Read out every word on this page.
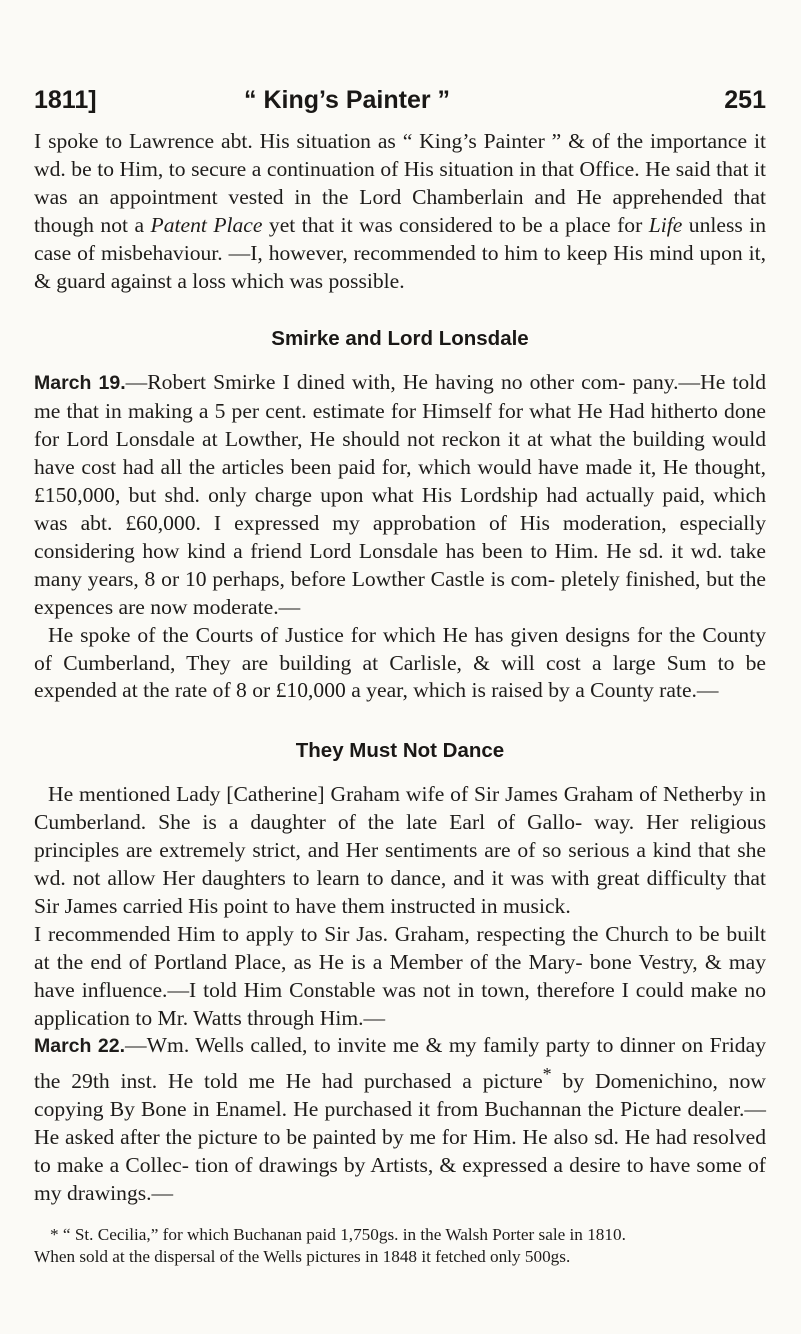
1811]	“ King’s Painter ”	251

I spoke to Lawrence abt. His situation as “ King’s Painter ” & of the importance it wd. be to Him, to secure a continuation of His situation in that Office. He said that it was an appointment vested in the Lord Chamberlain and He apprehended that though not a Patent Place yet that it was considered to be a place for Life unless in case of misbehaviour. —I, however, recommended to him to keep His mind upon it, & guard against a loss which was possible.

Smirke and Lord Lonsdale

March 19.—Robert Smirke I dined with, He having no other com- pany.—He told me that in making a 5 per cent. estimate for Himself for what He Had hitherto done for Lord Lonsdale at Lowther, He should not reckon it at what the building would have cost had all the articles been paid for, which would have made it, He thought, £150,000, but shd. only charge upon what His Lordship had actually paid, which was abt. £60,000. I expressed my approbation of His moderation, especially considering how kind a friend Lord Lonsdale has been to Him. He sd. it wd. take many years, 8 or 10 perhaps, before Lowther Castle is com- pletely finished, but the expences are now moderate.—

He spoke of the Courts of Justice for which He has given designs for the County of Cumberland, They are building at Carlisle, & will cost a large Sum to be expended at the rate of 8 or £10,000 a year, which is raised by a County rate.—

They Must Not Dance

He mentioned Lady [Catherine] Graham wife of Sir James Graham of Netherby in Cumberland. She is a daughter of the late Earl of Gallo- way. Her religious principles are extremely strict, and Her sentiments are of so serious a kind that she wd. not allow Her daughters to learn to dance, and it was with great difficulty that Sir James carried His point to have them instructed in musick.

I recommended Him to apply to Sir Jas. Graham, respecting the Church to be built at the end of Portland Place, as He is a Member of the Mary- bone Vestry, & may have influence.—I told Him Constable was not in town, therefore I could make no application to Mr. Watts through Him.—

March 22.—Wm. Wells called, to invite me & my family party to dinner on Friday the 29th inst. He told me He had purchased a picture* by Domenichino, now copying By Bone in Enamel. He purchased it from Buchannan the Picture dealer.—He asked after the picture to be painted by me for Him. He also sd. He had resolved to make a Collec- tion of drawings by Artists, & expressed a desire to have some of my drawings.—

* “ St. Cecilia,” for which Buchanan paid 1,750gs. in the Walsh Porter sale in 1810.
When sold at the dispersal of the Wells pictures in 1848 it fetched only 500gs.
